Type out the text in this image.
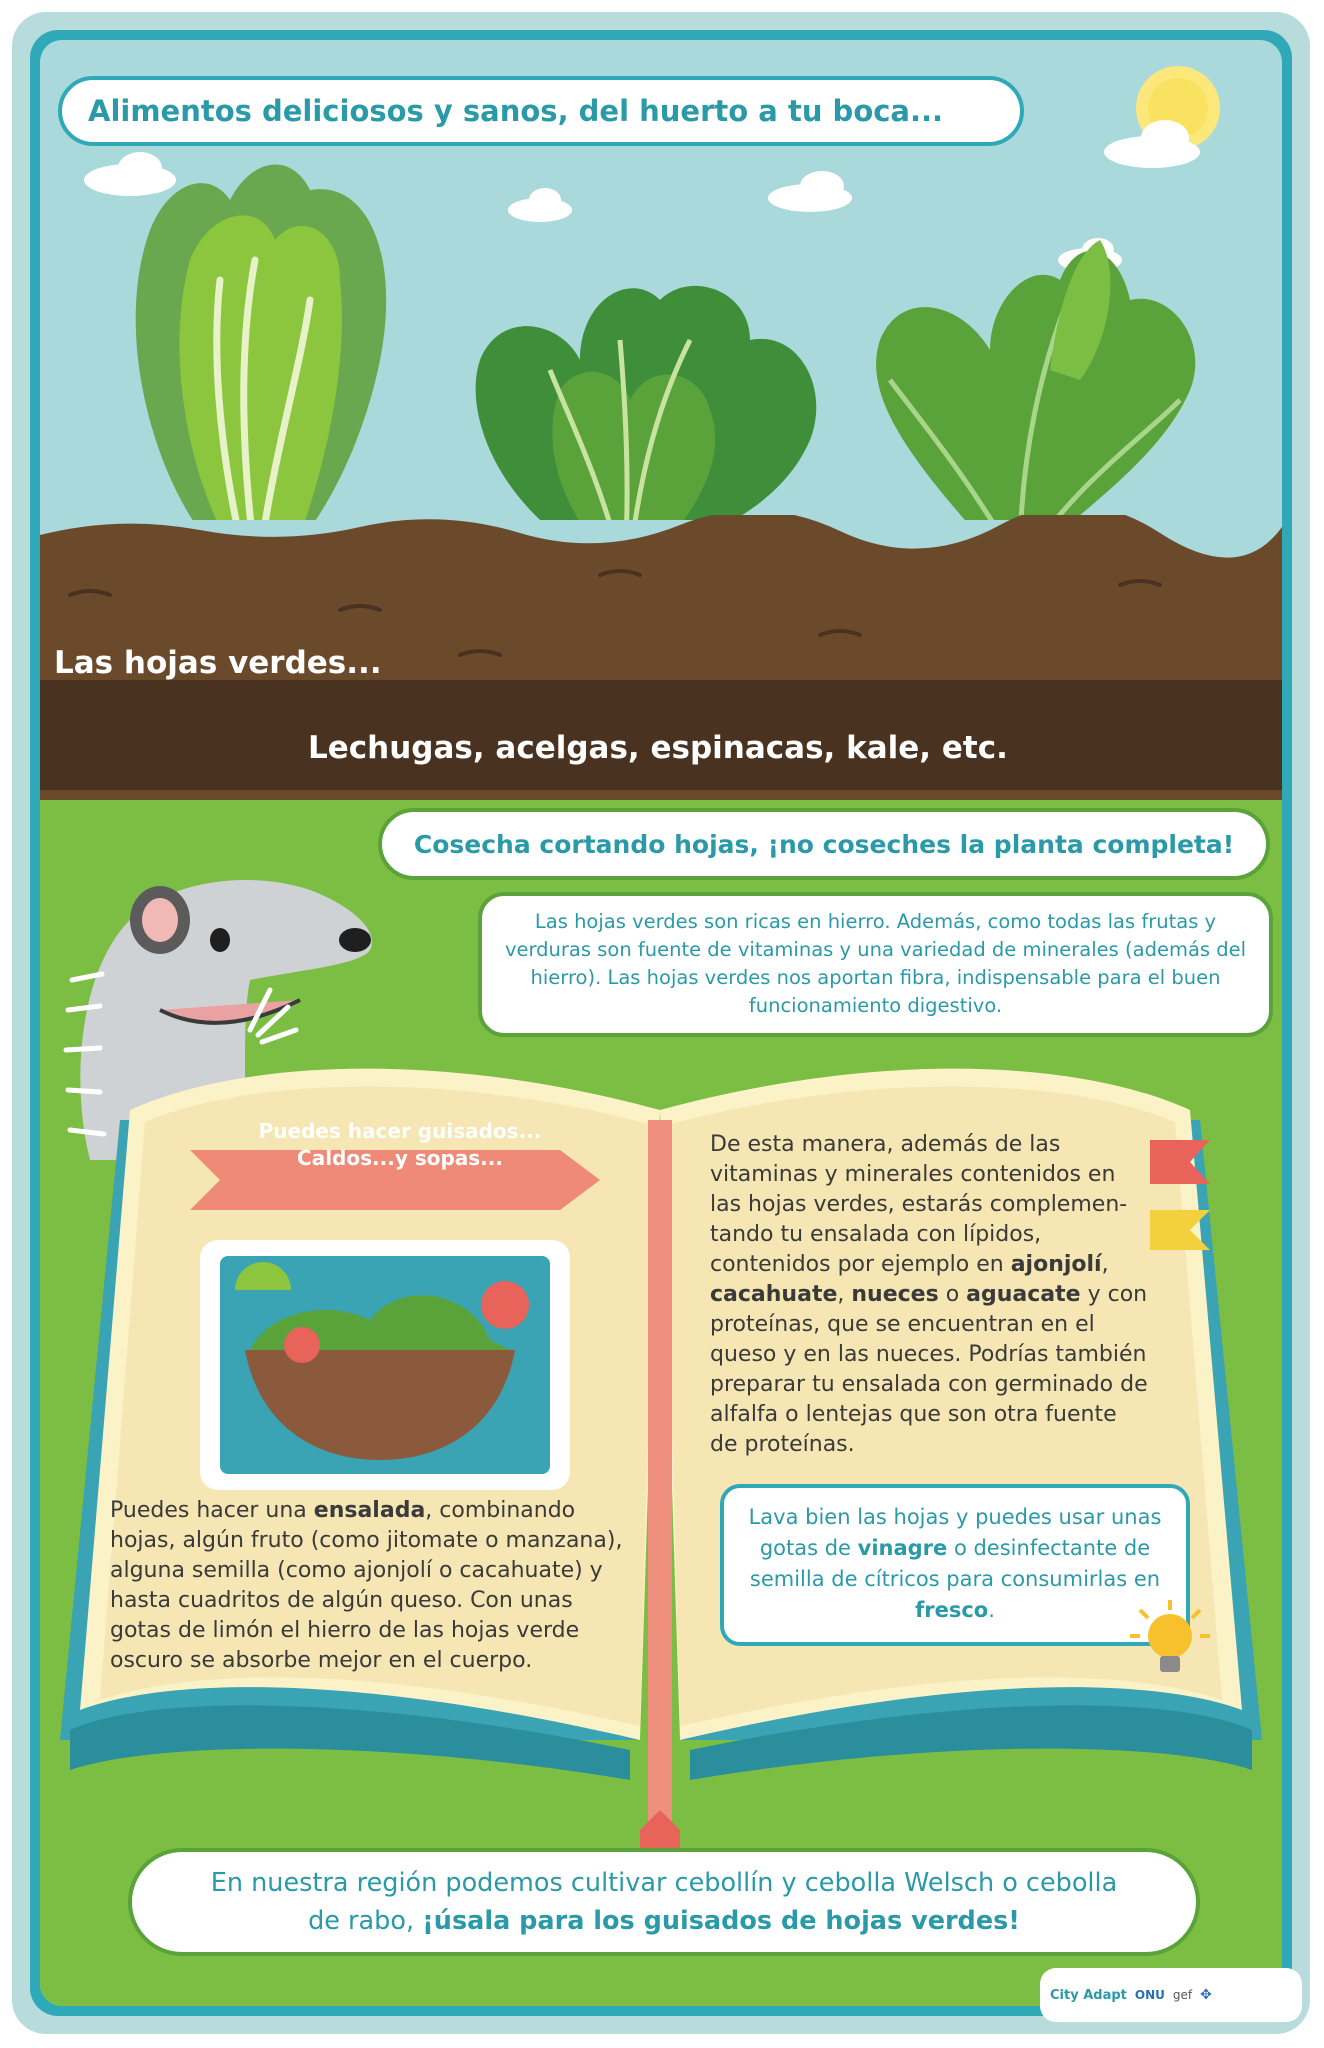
Alimentos deliciosos y sanos, del huerto a tu boca...
Las hojas verdes...
Lechugas, acelgas, espinacas, kale, etc.
Cosecha cortando hojas, ¡no coseches la planta completa!
Las hojas verdes son ricas en hierro. Además, como todas las frutas y verduras son fuente de vitaminas y una variedad de minerales (además del hierro). Las hojas verdes nos aportan fibra, indispensable para el buen funcionamiento digestivo.
Puedes hacer guisados...
Caldos...y sopas...
Puedes hacer una ensalada, combinando hojas, algún fruto (como jitomate o manzana), alguna semilla (como ajonjolí o cacahuate) y hasta cuadritos de algún queso. Con unas gotas de limón el hierro de las hojas verde oscuro se absorbe mejor en el cuerpo.
De esta manera, además de las vitaminas y minerales contenidos en las hojas verdes, estarás complementando tu ensalada con lípidos, contenidos por ejemplo en ajonjolí, cacahuate, nueces o aguacate y con proteínas, que se encuentran en el queso y en las nueces. Podrías también preparar tu ensalada con germinado de alfalfa o lentejas que son otra fuente de proteínas.
Lava bien las hojas y puedes usar unas gotas de vinagre o desinfectante de semilla de cítricos para consumirlas en fresco.
En nuestra región podemos cultivar cebollín y cebolla Welsch o cebolla
de rabo, ¡úsala para los guisados de hojas verdes!
City Adapt ONU gef ✥
